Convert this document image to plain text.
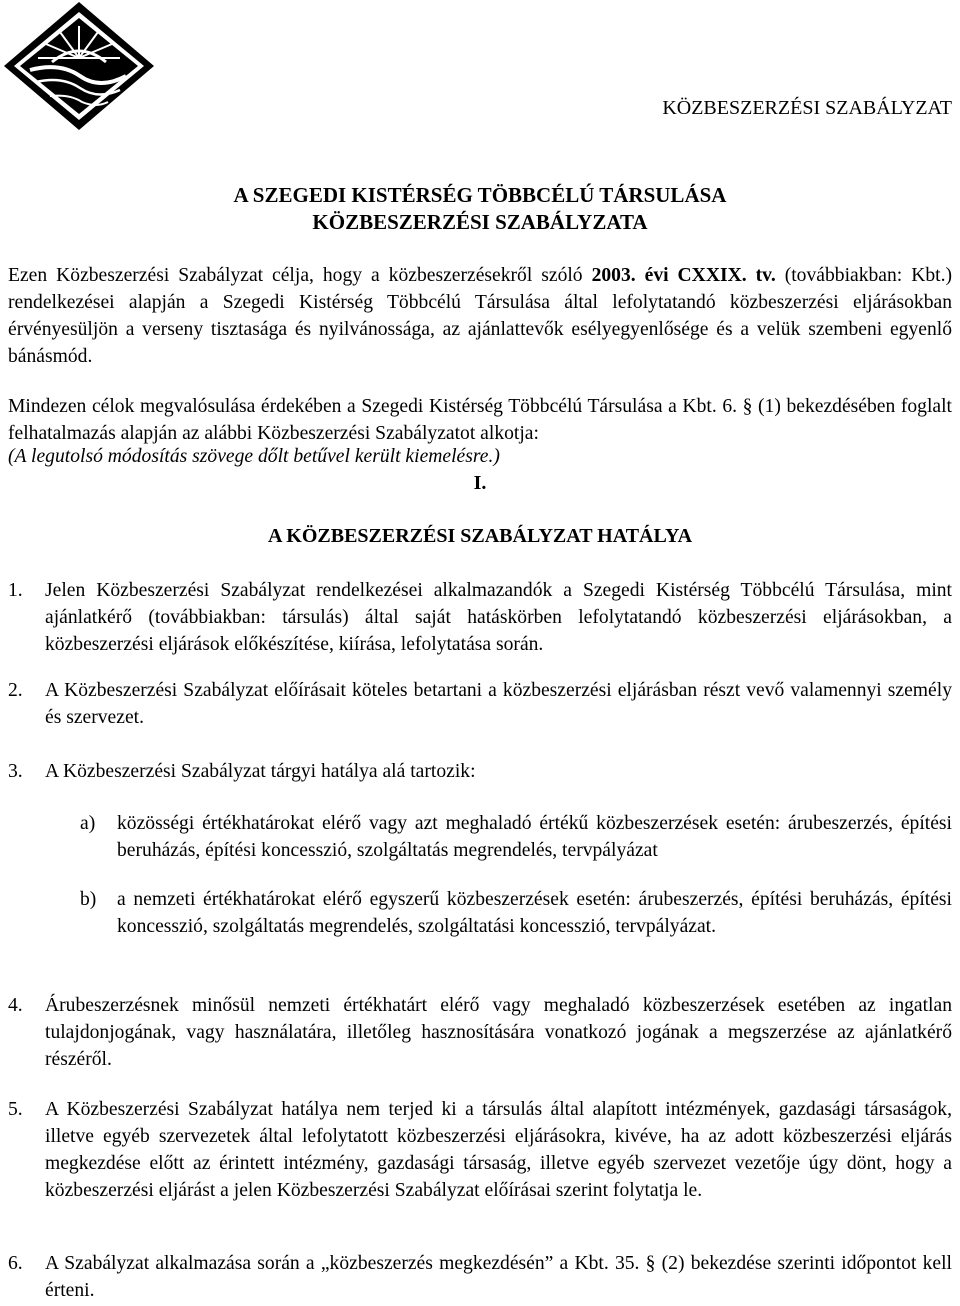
KÖZBESZERZÉSI SZABÁLYZAT
A SZEGEDI KISTÉRSÉG TÖBBCÉLÚ TÁRSULÁSA
KÖZBESZERZÉSI SZABÁLYZATA
Ezen Közbeszerzési Szabályzat célja, hogy a közbeszerzésekről szóló 2003. évi CXXIX. tv. (továbbiakban: Kbt.) rendelkezései alapján a Szegedi Kistérség Többcélú Társulása által lefolytatandó közbeszerzési eljárásokban érvényesüljön a verseny tisztasága és nyilvánossága, az ajánlattevők esélyegyenlősége és a velük szembeni egyenlő bánásmód.
Mindezen célok megvalósulása érdekében a Szegedi Kistérség Többcélú Társulása a Kbt. 6. § (1) bekezdésében foglalt felhatalmazás alapján az alábbi Közbeszerzési Szabályzatot alkotja:
(A legutolsó módosítás szövege dőlt betűvel került kiemelésre.)
I.
A KÖZBESZERZÉSI SZABÁLYZAT HATÁLYA
1. Jelen Közbeszerzési Szabályzat rendelkezései alkalmazandók a Szegedi Kistérség Többcélú Társulása, mint ajánlatkérő (továbbiakban: társulás) által saját hatáskörben lefolytatandó közbeszerzési eljárásokban, a közbeszerzési eljárások előkészítése, kiírása, lefolytatása során.
2. A Közbeszerzési Szabályzat előírásait köteles betartani a közbeszerzési eljárásban részt vevő valamennyi személy és szervezet.
3. A Közbeszerzési Szabályzat tárgyi hatálya alá tartozik:
a) közösségi értékhatárokat elérő vagy azt meghaladó értékű közbeszerzések esetén: árubeszerzés, építési beruházás, építési koncesszió, szolgáltatás megrendelés, tervpályázat
b) a nemzeti értékhatárokat elérő egyszerű közbeszerzések esetén: árubeszerzés, építési beruházás, építési koncesszió, szolgáltatás megrendelés, szolgáltatási koncesszió, tervpályázat.
4. Árubeszerzésnek minősül nemzeti értékhatárt elérő vagy meghaladó közbeszerzések esetében az ingatlan tulajdonjogának, vagy használatára, illetőleg hasznosítására vonatkozó jogának a megszerzése az ajánlatkérő részéről.
5. A Közbeszerzési Szabályzat hatálya nem terjed ki a társulás által alapított intézmények, gazdasági társaságok, illetve egyéb szervezetek által lefolytatott közbeszerzési eljárásokra, kivéve, ha az adott közbeszerzési eljárás megkezdése előtt az érintett intézmény, gazdasági társaság, illetve egyéb szervezet vezetője úgy dönt, hogy a közbeszerzési eljárást a jelen Közbeszerzési Szabályzat előírásai szerint folytatja le.
6. A Szabályzat alkalmazása során a „közbeszerzés megkezdésén” a Kbt. 35. § (2) bekezdése szerinti időpontot kell érteni.
